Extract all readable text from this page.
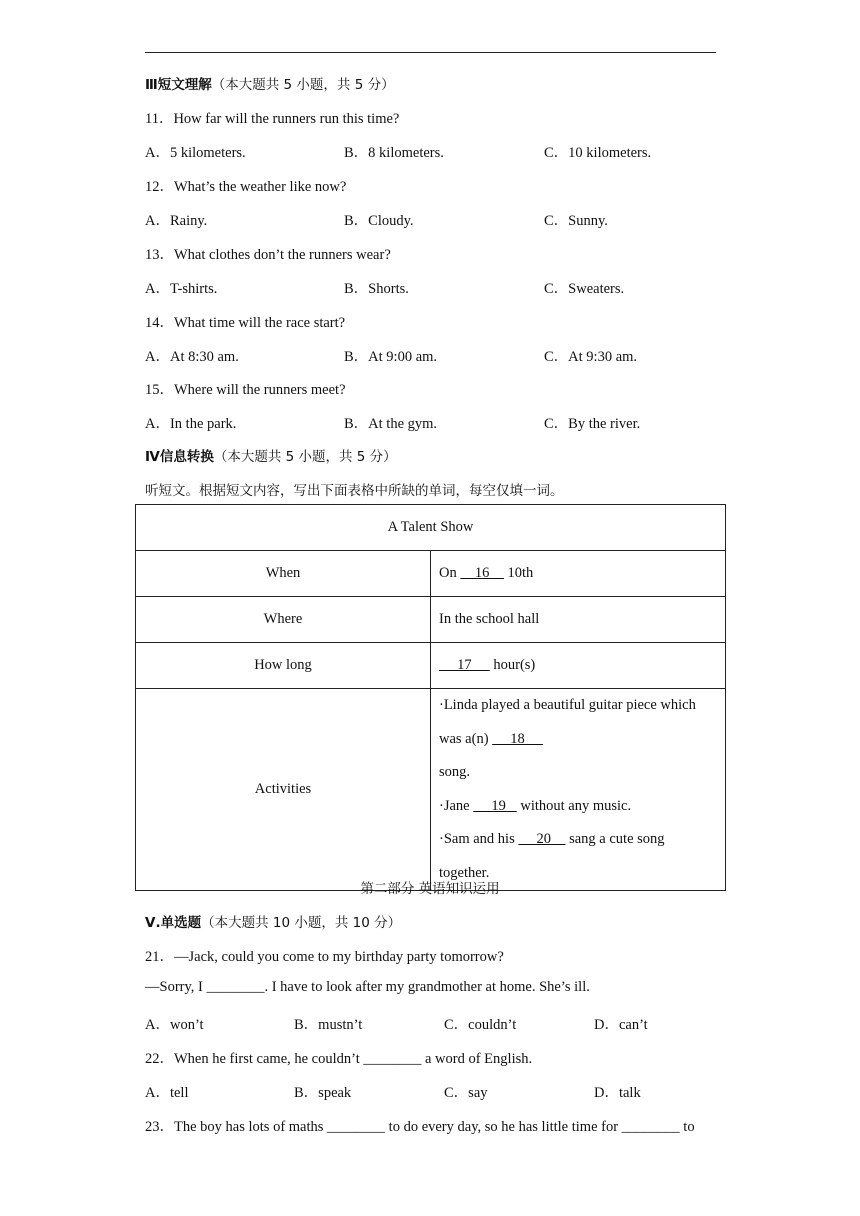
Ⅲ短文理解（本大题共 5 小题，共 5 分）
11．How far will the runners run this time?
A．5 kilometers.	B．8 kilometers.	C．10 kilometers.
12．What’s the weather like now?
A．Rainy.	B．Cloudy.	C．Sunny.
13．What clothes don’t the runners wear?
A．T-shirts.	B．Shorts.	C．Sweaters.
14．What time will the race start?
A．At 8:30 am.	B．At 9:00 am.	C．At 9:30 am.
15．Where will the runners meet?
A．In the park.	B．At the gym.	C．By the river.
Ⅳ信息转换（本大题共 5 小题，共 5 分）
听短文。根据短文内容，写出下面表格中所缺的单词，每空仅填一词。
A Talent Show	
When	On     16     10th
Where	In the school hall
How long	17      hour(s)
Activities	·Linda played a beautiful guitar piece which was a(n)      18
song.
·Jane      19    without any music.
·Sam and his      20     sang a cute song together.
第二部分 英语知识运用
Ⅴ.单选题（本大题共 10 小题，共 10 分）
21．—Jack, could you come to my birthday party tomorrow?
—Sorry, I ________. I have to look after my grandmother at home. She’s ill.
A．won’t	B．mustn’t	C．couldn’t	D．can’t
22．When he first came, he couldn’t ________ a word of English.
A．tell	B．speak	C．say	D．talk
23．The boy has lots of maths ________ to do every day, so he has little time for ________ to
